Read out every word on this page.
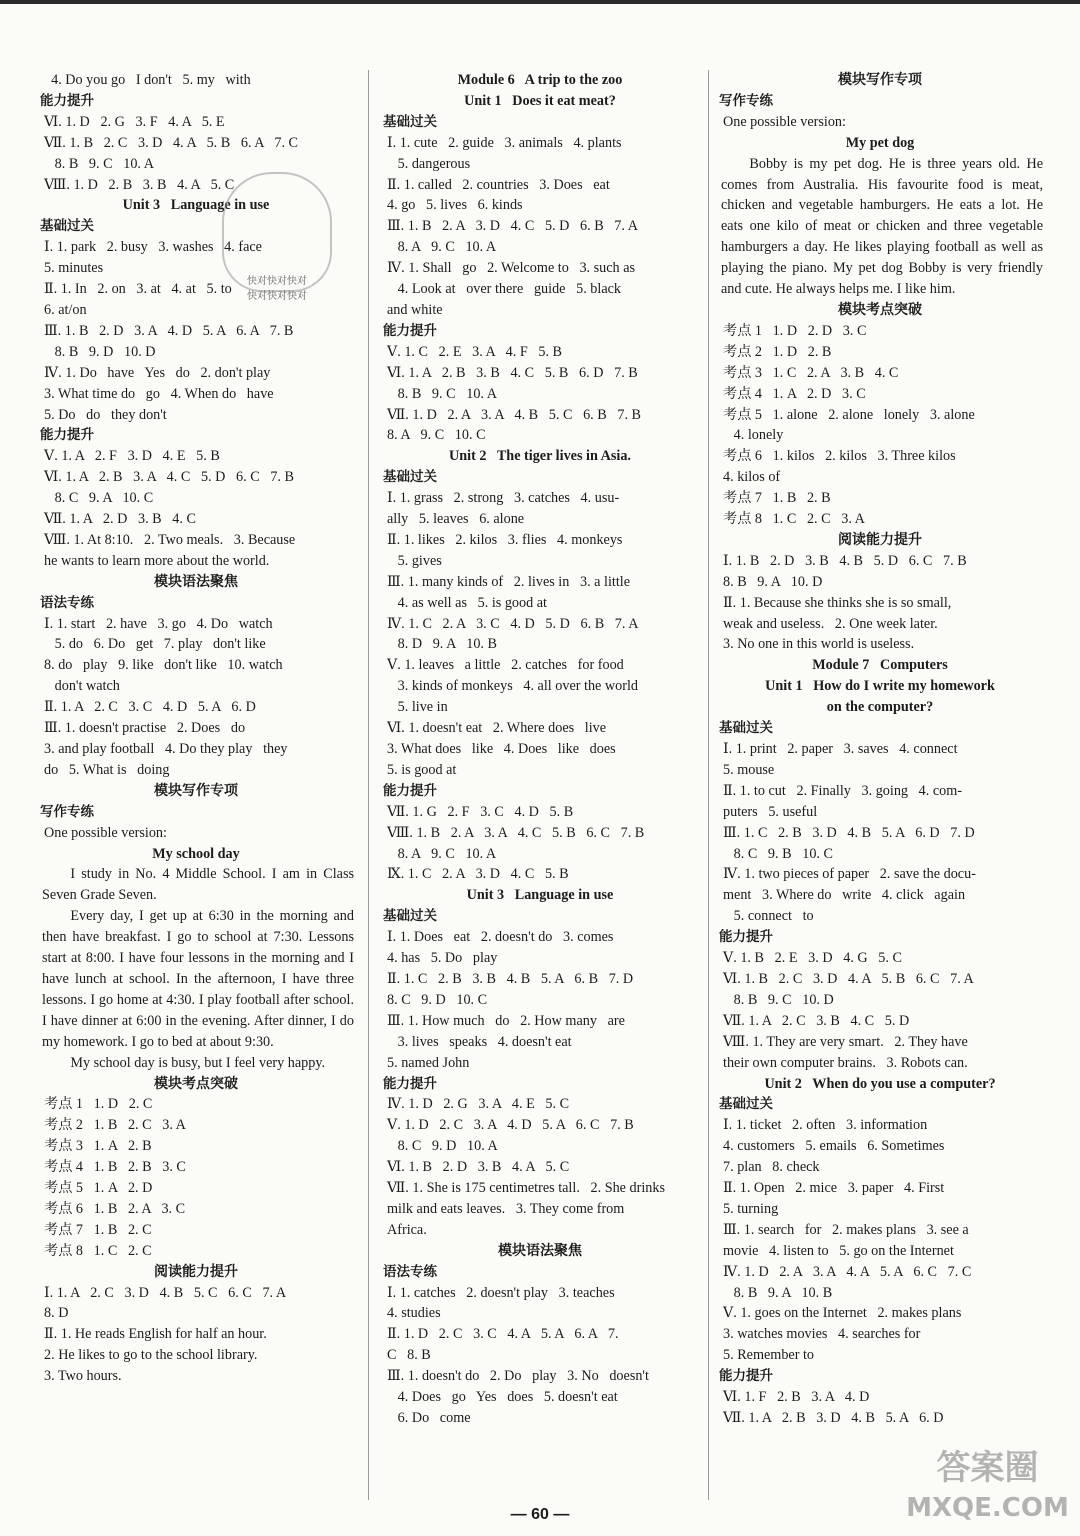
4. Do you go   I don't   5. my   with

能力提升

Ⅵ. 1. D   2. G   3. F   4. A   5. E

Ⅶ. 1. B   2. C   3. D   4. A   5. B   6. A   7. C

8. B   9. C   10. A

Ⅷ. 1. D   2. B   3. B   4. A   5. C

Unit 3   Language in use

基础过关

Ⅰ. 1. park   2. busy   3. washes   4. face

5. minutes

Ⅱ. 1. In   2. on   3. at   4. at   5. to

6. at/on

Ⅲ. 1. B   2. D   3. A   4. D   5. A   6. A   7. B

8. B   9. D   10. D

Ⅳ. 1. Do   have   Yes   do   2. don't play

3. What time do   go   4. When do   have

5. Do   do   they don't

能力提升

Ⅴ. 1. A   2. F   3. D   4. E   5. B

Ⅵ. 1. A   2. B   3. A   4. C   5. D   6. C   7. B

8. C   9. A   10. C

Ⅶ. 1. A   2. D   3. B   4. C

Ⅷ. 1. At 8:10.   2. Two meals.   3. Because

he wants to learn more about the world.

模块语法聚焦

语法专练

Ⅰ. 1. start   2. have   3. go   4. Do   watch

5. do   6. Do   get   7. play   don't like

8. do   play   9. like   don't like   10. watch

don't watch

Ⅱ. 1. A   2. C   3. C   4. D   5. A   6. D

Ⅲ. 1. doesn't practise   2. Does   do

3. and play football   4. Do they play   they

do   5. What is   doing

模块写作专项

写作专练

One possible version:

My school day

I study in No. 4 Middle School. I am in Class Seven Grade Seven.

Every day, I get up at 6:30 in the morning and then have breakfast. I go to school at 7:30. Lessons start at 8:00. I have four lessons in the morning and I have lunch at school. In the afternoon, I have three lessons. I go home at 4:30. I play football after school. I have dinner at 6:00 in the evening. After dinner, I do my homework. I go to bed at about 9:30.

My school day is busy, but I feel very happy.

模块考点突破

考点 1   1. D   2. C

考点 2   1. B   2. C   3. A

考点 3   1. A   2. B

考点 4   1. B   2. B   3. C

考点 5   1. A   2. D

考点 6   1. B   2. A   3. C

考点 7   1. B   2. C

考点 8   1. C   2. C

阅读能力提升

Ⅰ. 1. A   2. C   3. D   4. B   5. C   6. C   7. A

8. D

Ⅱ. 1. He reads English for half an hour.

2. He likes to go to the school library.

3. Two hours.

Module 6   A trip to the zoo

Unit 1   Does it eat meat?

基础过关

Ⅰ. 1. cute   2. guide   3. animals   4. plants

5. dangerous

Ⅱ. 1. called   2. countries   3. Does   eat

4. go   5. lives   6. kinds

Ⅲ. 1. B   2. A   3. D   4. C   5. D   6. B   7. A

8. A   9. C   10. A

Ⅳ. 1. Shall   go   2. Welcome to   3. such as

4. Look at   over there   guide   5. black

and white

能力提升

Ⅴ. 1. C   2. E   3. A   4. F   5. B

Ⅵ. 1. A   2. B   3. B   4. C   5. B   6. D   7. B

8. B   9. C   10. A

Ⅶ. 1. D   2. A   3. A   4. B   5. C   6. B   7. B

8. A   9. C   10. C

Unit 2   The tiger lives in Asia.

基础过关

Ⅰ. 1. grass   2. strong   3. catches   4. usu-

ally   5. leaves   6. alone

Ⅱ. 1. likes   2. kilos   3. flies   4. monkeys

5. gives

Ⅲ. 1. many kinds of   2. lives in   3. a little

4. as well as   5. is good at

Ⅳ. 1. C   2. A   3. C   4. D   5. D   6. B   7. A

8. D   9. A   10. B

Ⅴ. 1. leaves   a little   2. catches   for food

3. kinds of monkeys   4. all over the world

5. live in

Ⅵ. 1. doesn't eat   2. Where does   live

3. What does   like   4. Does   like   does

5. is good at

能力提升

Ⅶ. 1. G   2. F   3. C   4. D   5. B

Ⅷ. 1. B   2. A   3. A   4. C   5. B   6. C   7. B

8. A   9. C   10. A

Ⅸ. 1. C   2. A   3. D   4. C   5. B

Unit 3   Language in use

基础过关

Ⅰ. 1. Does   eat   2. doesn't do   3. comes

4. has   5. Do   play

Ⅱ. 1. C   2. B   3. B   4. B   5. A   6. B   7. D

8. C   9. D   10. C

Ⅲ. 1. How much   do   2. How many   are

3. lives   speaks   4. doesn't eat

5. named John

能力提升

Ⅳ. 1. D   2. G   3. A   4. E   5. C

Ⅴ. 1. D   2. C   3. A   4. D   5. A   6. C   7. B

8. C   9. D   10. A

Ⅵ. 1. B   2. D   3. B   4. A   5. C

Ⅶ. 1. She is 175 centimetres tall.   2. She drinks

milk and eats leaves.   3. They come from

Africa.

模块语法聚焦

语法专练

Ⅰ. 1. catches   2. doesn't play   3. teaches

4. studies

Ⅱ. 1. D   2. C   3. C   4. A   5. A   6. A   7.

C   8. B

Ⅲ. 1. doesn't do   2. Do   play   3. No   doesn't

4. Does   go   Yes   does   5. doesn't eat

6. Do   come

模块写作专项

写作专练

One possible version:

My pet dog

Bobby is my pet dog. He is three years old. He comes from Australia. His favourite food is meat, chicken and vegetable hamburgers. He eats a lot. He eats one kilo of meat or chicken and three vegetable hamburgers a day. He likes playing football as well as playing the piano. My pet dog Bobby is very friendly and cute. He always helps me. I like him.

模块考点突破

考点 1   1. D   2. D   3. C

考点 2   1. D   2. B

考点 3   1. C   2. A   3. B   4. C

考点 4   1. A   2. D   3. C

考点 5   1. alone   2. alone   lonely   3. alone

4. lonely

考点 6   1. kilos   2. kilos   3. Three kilos

4. kilos of

考点 7   1. B   2. B

考点 8   1. C   2. C   3. A

阅读能力提升

Ⅰ. 1. B   2. D   3. B   4. B   5. D   6. C   7. B

8. B   9. A   10. D

Ⅱ. 1. Because she thinks she is so small,

weak and useless.   2. One week later.

3. No one in this world is useless.

Module 7   Computers

Unit 1   How do I write my homework

on the computer?

基础过关

Ⅰ. 1. print   2. paper   3. saves   4. connect

5. mouse

Ⅱ. 1. to cut   2. Finally   3. going   4. com-

puters   5. useful

Ⅲ. 1. C   2. B   3. D   4. B   5. A   6. D   7. D

8. C   9. B   10. C

Ⅳ. 1. two pieces of paper   2. save the docu-

ment   3. Where do   write   4. click   again

5. connect   to

能力提升

Ⅴ. 1. B   2. E   3. D   4. G   5. C

Ⅵ. 1. B   2. C   3. D   4. A   5. B   6. C   7. A

8. B   9. C   10. D

Ⅶ. 1. A   2. C   3. B   4. C   5. D

Ⅷ. 1. They are very smart.   2. They have

their own computer brains.   3. Robots can.

Unit 2   When do you use a computer?

基础过关

Ⅰ. 1. ticket   2. often   3. information

4. customers   5. emails   6. Sometimes

7. plan   8. check

Ⅱ. 1. Open   2. mice   3. paper   4. First

5. turning

Ⅲ. 1. search   for   2. makes plans   3. see a

movie   4. listen to   5. go on the Internet

Ⅳ. 1. D   2. A   3. A   4. A   5. A   6. C   7. C

8. B   9. A   10. B

Ⅴ. 1. goes on the Internet   2. makes plans

3. watches movies   4. searches for

5. Remember to

能力提升

Ⅵ. 1. F   2. B   3. A   4. D

Ⅶ. 1. A   2. B   3. D   4. B   5. A   6. D

快对快对快对
快对快对快对
答案圈
MXQE.COM
— 60 —
